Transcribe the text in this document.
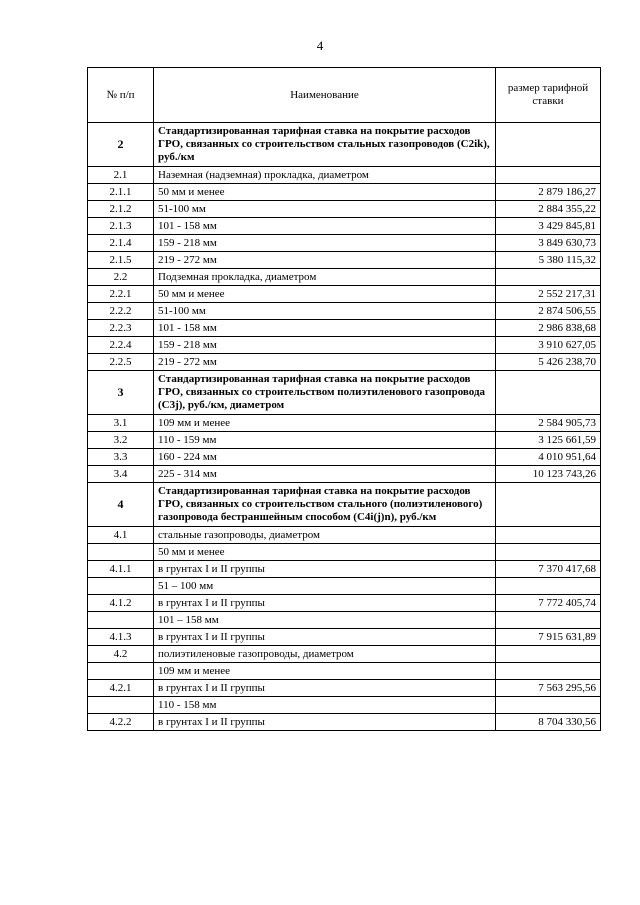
4
№ п/п	Наименование	размер тарифной ставки
2	Стандартизированная тарифная ставка на покрытие расходов ГРО, связанных со строительством стальных газопроводов (C2ik), руб./км	
2.1	Наземная (надземная) прокладка, диаметром	
2.1.1	50 мм и менее	2 879 186,27
2.1.2	51-100 мм	2 884 355,22
2.1.3	101 - 158 мм	3 429 845,81
2.1.4	159 - 218 мм	3 849 630,73
2.1.5	219 - 272 мм	5 380 115,32
2.2	Подземная прокладка, диаметром	
2.2.1	50 мм и менее	2 552 217,31
2.2.2	51-100 мм	2 874 506,55
2.2.3	101 - 158 мм	2 986 838,68
2.2.4	159 - 218 мм	3 910 627,05
2.2.5	219 - 272 мм	5 426 238,70
3	Стандартизированная тарифная ставка на покрытие расходов ГРО, связанных со строительством полиэтиленового газопровода (C3j), руб./км, диаметром	
3.1	109 мм и менее	2 584 905,73
3.2	110 - 159 мм	3 125 661,59
3.3	160 - 224 мм	4 010 951,64
3.4	225 - 314 мм	10 123 743,26
4	Стандартизированная тарифная ставка на покрытие расходов ГРО, связанных со строительством стального (полиэтиленового) газопровода бестраншейным способом (C4i(j)n), руб./км	
4.1	стальные газопроводы, диаметром	
	50 мм и менее	
4.1.1	в грунтах I и II группы	7 370 417,68
	51 – 100 мм	
4.1.2	в грунтах I и II группы	7 772 405,74
	101 – 158 мм	
4.1.3	в грунтах I и II группы	7 915 631,89
4.2	полиэтиленовые газопроводы, диаметром	
	109 мм и менее	
4.2.1	в грунтах I и II группы	7 563 295,56
	110 - 158 мм	
4.2.2	в грунтах I и II группы	8 704 330,56
